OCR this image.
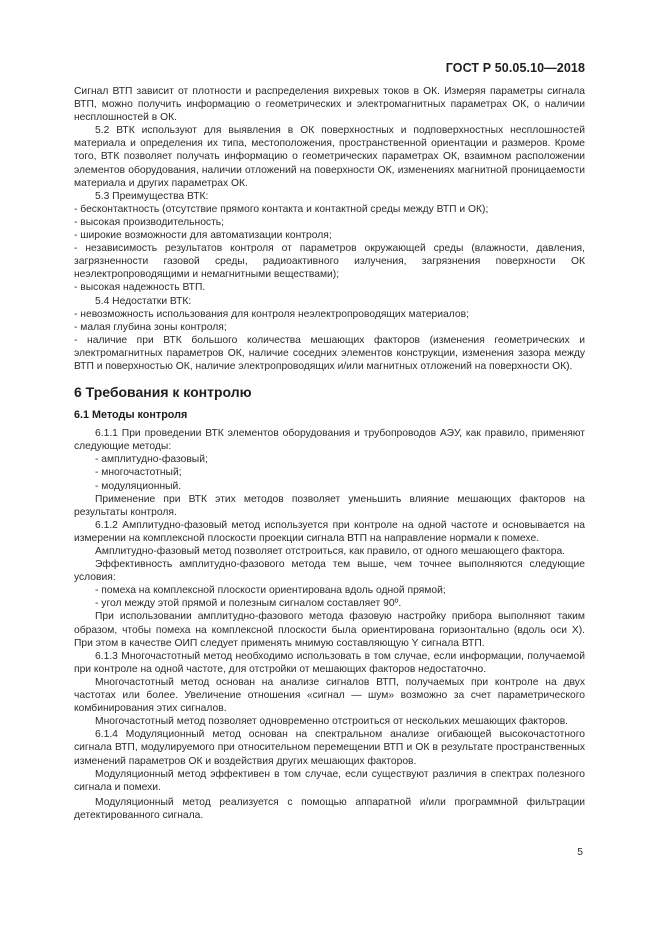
ГОСТ Р 50.05.10—2018

Сигнал ВТП зависит от плотности и распределения вихревых токов в ОК. Измеряя параметры сигнала ВТП, можно получить информацию о геометрических и электромагнитных параметрах ОК, о наличии несплошностей в ОК.

5.2 ВТК используют для выявления в ОК поверхностных и подповерхностных несплошностей материала и определения их типа, местоположения, пространственной ориентации и размеров. Кроме того, ВТК позволяет получать информацию о геометрических параметрах ОК, взаимном расположении элементов оборудования, наличии отложений на поверхности ОК, изменениях магнитной проницаемости материала и других параметрах ОК.

5.3 Преимущества ВТК:

- бесконтактность (отсутствие прямого контакта и контактной среды между ВТП и ОК);

- высокая производительность;

- широкие возможности для автоматизации контроля;

- независимость результатов контроля от параметров окружающей среды (влажности, давления, загрязненности газовой среды, радиоактивного излучения, загрязнения поверхности ОК неэлектропроводящими и немагнитными веществами);

- высокая надежность ВТП.

5.4 Недостатки ВТК:

- невозможность использования для контроля неэлектропроводящих материалов;

- малая глубина зоны контроля;

- наличие при ВТК большого количества мешающих факторов (изменения геометрических и электромагнитных параметров ОК, наличие соседних элементов конструкции, изменения зазора между ВТП и поверхностью ОК, наличие электропроводящих и/или магнитных отложений на поверхности ОК).

6 Требования к контролю
6.1 Методы контроля

6.1.1 При проведении ВТК элементов оборудования и трубопроводов АЭУ, как правило, применяют следующие методы:

- амплитудно-фазовый;

- многочастотный;

- модуляционный.

Применение при ВТК этих методов позволяет уменьшить влияние мешающих факторов на результаты контроля.

6.1.2 Амплитудно-фазовый метод используется при контроле на одной частоте и основывается на измерении на комплексной плоскости проекции сигнала ВТП на направление нормали к помехе.

Амплитудно-фазовый метод позволяет отстроиться, как правило, от одного мешающего фактора.

Эффективность амплитудно-фазового метода тем выше, чем точнее выполняются следующие условия:

- помеха на комплексной плоскости ориентирована вдоль одной прямой;

- угол между этой прямой и полезным сигналом составляет 90º.

При использовании амплитудно-фазового метода фазовую настройку прибора выполняют таким образом, чтобы помеха на комплексной плоскости была ориентирована горизонтально (вдоль оси X). При этом в качестве ОИП следует применять мнимую составляющую Y сигнала ВТП.

6.1.3 Многочастотный метод необходимо использовать в том случае, если информации, получаемой при контроле на одной частоте, для отстройки от мешающих факторов недостаточно.

Многочастотный метод основан на анализе сигналов ВТП, получаемых при контроле на двух частотах или более. Увеличение отношения «сигнал — шум» возможно за счет параметрического комбинирования этих сигналов.

Многочастотный метод позволяет одновременно отстроиться от нескольких мешающих факторов.

6.1.4 Модуляционный метод основан на спектральном анализе огибающей высокочастотного сигнала ВТП, модулируемого при относительном перемещении ВТП и ОК в результате пространственных изменений параметров ОК и воздействия других мешающих факторов.

Модуляционный метод эффективен в том случае, если существуют различия в спектрах полезного сигнала и помехи.

Модуляционный метод реализуется с помощью аппаратной и/или программной фильтрации детектированного сигнала.

5
